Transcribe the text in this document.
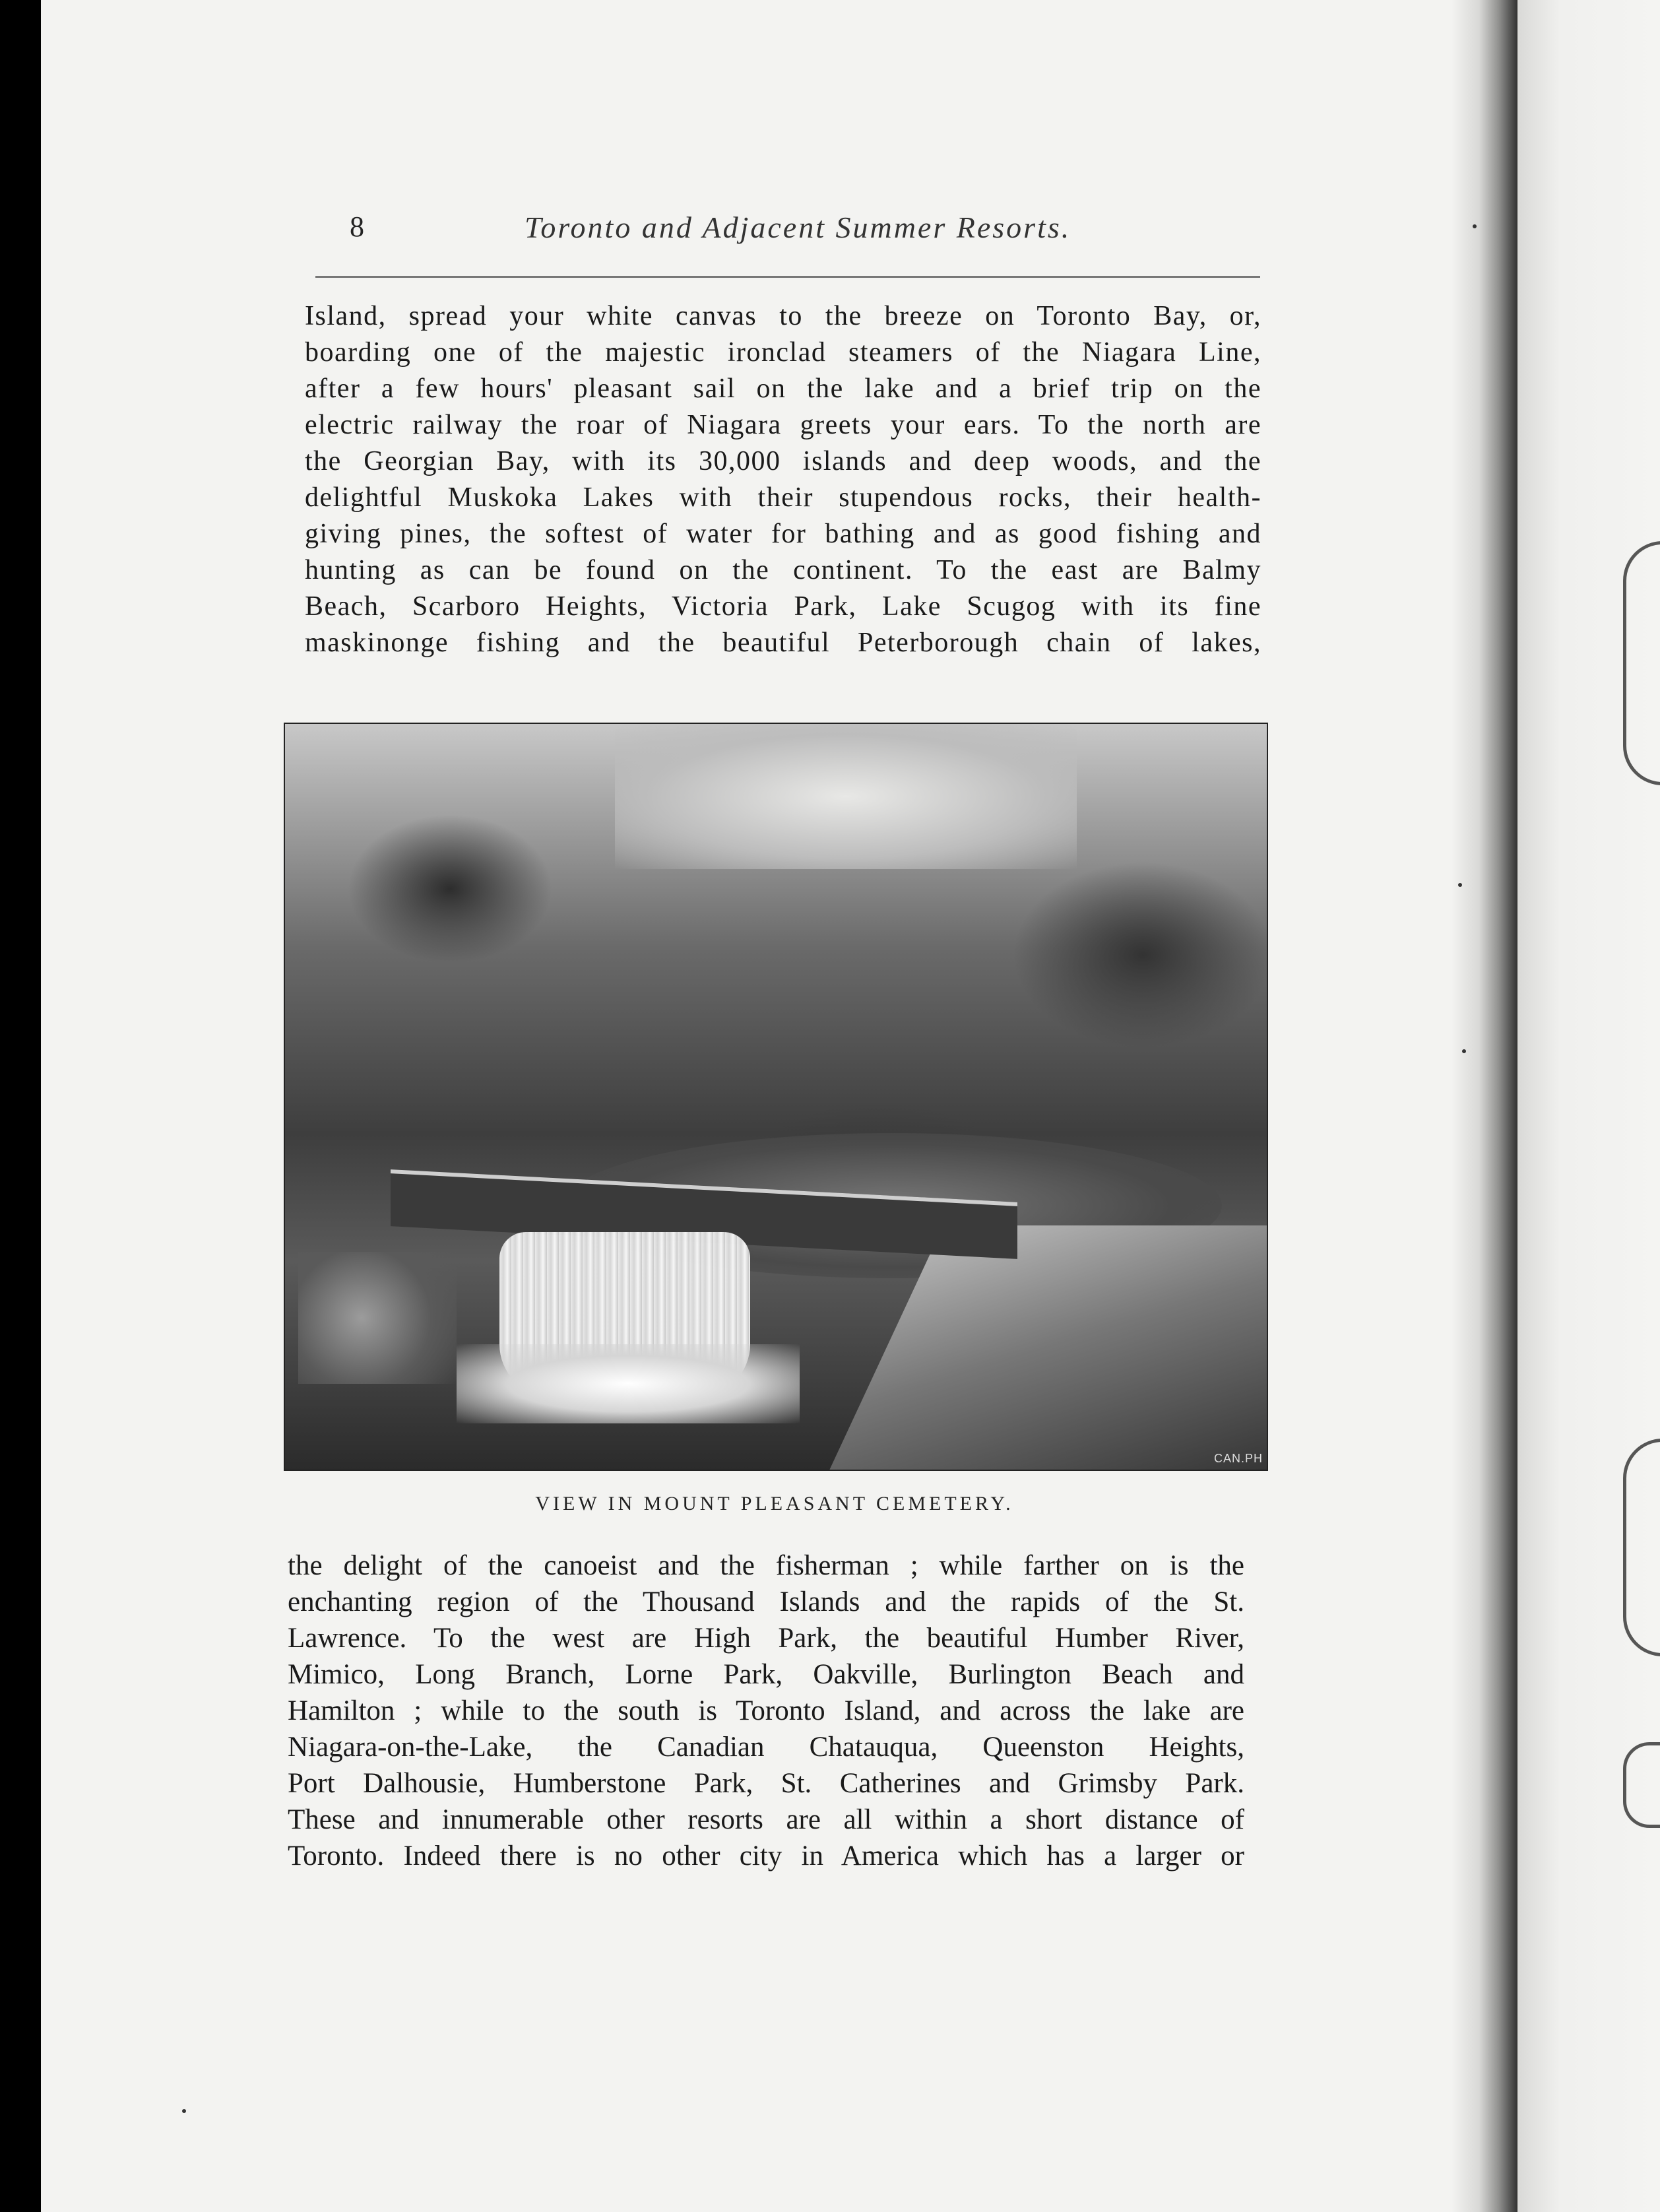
8	Toronto and Adjacent Summer Resorts.
Island, spread your white canvas to the breeze on Toronto Bay, or,
boarding one of the majestic ironclad steamers of the Niagara Line,
after a few hours' pleasant sail on the lake and a brief trip on the
electric railway the roar of Niagara greets your ears. To the north are
the Georgian Bay, with its 30,000 islands and deep woods, and the
delightful Muskoka Lakes with their stupendous rocks, their health-
giving pines, the softest of water for bathing and as good fishing and
hunting as can be found on the continent. To the east are Balmy
Beach, Scarboro Heights, Victoria Park, Lake Scugog with its fine
maskinonge fishing and the beautiful Peterborough chain of lakes,
CAN.PH
VIEW IN MOUNT PLEASANT CEMETERY.
the delight of the canoeist and the fisherman ; while farther on is the
enchanting region of the Thousand Islands and the rapids of the St.
Lawrence. To the west are High Park, the beautiful Humber River,
Mimico, Long Branch, Lorne Park, Oakville, Burlington Beach and
Hamilton ; while to the south is Toronto Island, and across the lake are
Niagara-on-the-Lake, the Canadian Chatauqua, Queenston Heights,
Port Dalhousie, Humberstone Park, St. Catherines and Grimsby Park.
These and innumerable other resorts are all within a short distance of
Toronto. Indeed there is no other city in America which has a larger or
